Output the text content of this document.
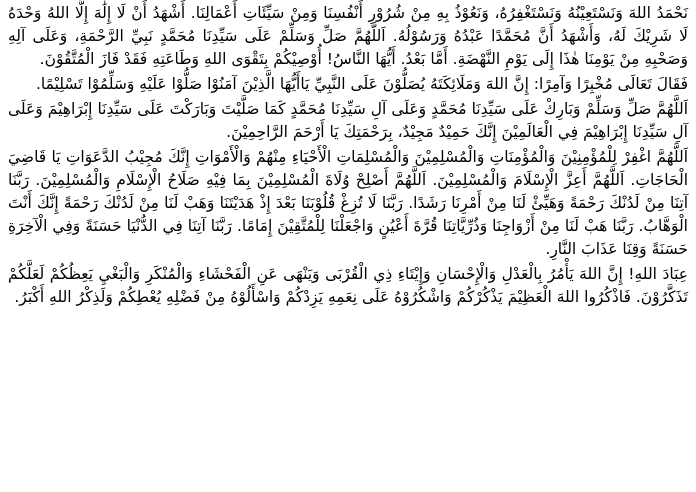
نَحْمَدُ اللهَ وَنَسْتَعِيْنُهُ وَنَسْتَغْفِرُهُ، وَنَعُوْذُ بِهِ مِنْ شُرُوْرِ أَنْفُسِنَا وَمِنْ سَيِّئَاتِ أَعْمَالِنَا. أَشْهَدُ أَنْ لَا إِلَٰهَ إِلَّا اللهُ وَحْدَهُ لَا شَرِيْكَ لَهُ، وَأَشْهَدُ أَنَّ مُحَمَّدًا عَبْدُهُ وَرَسُوْلُهُ. اَللَّهُمَّ صَلِّ وَسَلِّمْ عَلَى سَيِّدِنَا مُحَمَّدٍ نَبِيِّ الرَّحْمَةِ، وَعَلَى آلِهِ وَصَحْبِهِ مِنْ يَوْمِنَا هٰذَا إِلَى يَوْمِ النَّهْضَةِ. أَمَّا بَعْدُ. أَيُّهَا النَّاسُ! أُوْصِيْكُمْ بِتَقْوَى اللهِ وَطَاعَتِهِ فَقَدْ فَازَ الْمُتَّقُوْنَ.

فَقَالَ تَعَالَى مُخْبِرًا وَآمِرًا: إِنَّ اللهَ وَمَلَائِكَتَهُ يُصَلُّوْنَ عَلَى النَّبِيِّ يَاأَيُّهَا الَّذِيْنَ آمَنُوْا صَلُّوْا عَلَيْهِ وَسَلِّمُوْا تَسْلِيْمًا.

اَللَّهُمَّ صَلِّ وَسَلِّمْ وَبَارِكْ عَلَى سَيِّدِنَا مُحَمَّدٍ وَعَلَى آلِ سَيِّدِنَا مُحَمَّدٍ كَمَا صَلَّيْتَ وَبَارَكْتَ عَلَى سَيِّدِنَا إِبْرَاهِيْمَ وَعَلَى آلِ سَيِّدِنَا إِبْرَاهِيْمَ فِي الْعَالَمِيْنَ إِنَّكَ حَمِيْدٌ مَجِيْدٌ، بِرَحْمَتِكَ يَا أَرْحَمَ الرَّاحِمِيْنَ.

اَللَّهُمَّ اغْفِرْ لِلْمُؤْمِنِيْنَ وَالْمُؤْمِنَاتِ وَالْمُسْلِمِيْنَ وَالْمُسْلِمَاتِ الْأَحْيَاءِ مِنْهُمْ وَالْأَمْوَاتِ إِنَّكَ مُجِيْبُ الدَّعَوَاتِ يَا قَاضِيَ الْحَاجَاتِ. اَللَّهُمَّ أَعِزَّ الْإِسْلَامَ وَالْمُسْلِمِيْنَ. اَللَّهُمَّ أَصْلِحْ وُلَاةَ الْمُسْلِمِيْنَ بِمَا فِيْهِ صَلَاحُ الْإِسْلَامِ وَالْمُسْلِمِيْنَ. رَبَّنَا آتِنَا مِنْ لَدُنْكَ رَحْمَةً وَهَيِّئْ لَنَا مِنْ أَمْرِنَا رَشَدًا. رَبَّنَا لَا تُزِغْ قُلُوْبَنَا بَعْدَ إِذْ هَدَيْتَنَا وَهَبْ لَنَا مِنْ لَدُنْكَ رَحْمَةً إِنَّكَ أَنْتَ الْوَهَّابُ. رَبَّنَا هَبْ لَنَا مِنْ أَزْوَاجِنَا وَذُرِّيَّاتِنَا قُرَّةَ أَعْيُنٍ وَاجْعَلْنَا لِلْمُتَّقِيْنَ إِمَامًا. رَبَّنَا آتِنَا فِي الدُّنْيَا حَسَنَةً وَفِي الْآخِرَةِ حَسَنَةً وَقِنَا عَذَابَ النَّارِ.

عِبَادَ اللهِ! إِنَّ اللهَ يَأْمُرُ بِالْعَدْلِ وَالْإِحْسَانِ وَإِيْتَاءِ ذِي الْقُرْبَى وَيَنْهَى عَنِ الْفَحْشَاءِ وَالْمُنْكَرِ وَالْبَغْيِ يَعِظُكُمْ لَعَلَّكُمْ تَذَكَّرُوْنَ. فَاذْكُرُوا اللهَ الْعَظِيْمَ يَذْكُرْكُمْ وَاشْكُرُوْهُ عَلَى نِعَمِهِ يَزِدْكُمْ وَاسْأَلُوْهُ مِنْ فَضْلِهِ يُعْطِكُمْ وَلَذِكْرُ اللهِ أَكْبَرُ.
